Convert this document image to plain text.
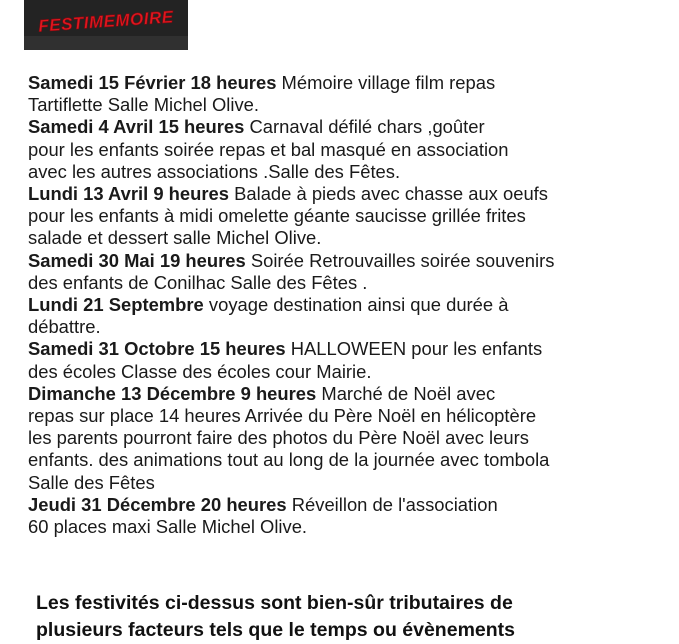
FESTIMEMOIRE
Samedi 15 Février 18 heures Mémoire village film repas
Tartiflette Salle Michel Olive.
Samedi 4 Avril 15 heures Carnaval défilé chars ,goûter
pour les enfants soirée repas et bal masqué en association
avec les autres associations .Salle des Fêtes.
Lundi 13 Avril 9 heures Balade à pieds avec chasse aux oeufs
pour les enfants à midi omelette géante saucisse grillée frites
salade et dessert salle Michel Olive.
Samedi 30 Mai 19 heures Soirée Retrouvailles soirée souvenirs
des enfants de Conilhac Salle des Fêtes .
Lundi 21 Septembre voyage destination ainsi que durée à
débattre.
Samedi 31 Octobre 15 heures HALLOWEEN pour les enfants
des écoles Classe des écoles cour Mairie.
Dimanche 13 Décembre 9 heures Marché de Noël avec
repas sur place 14 heures Arrivée du Père Noël en hélicoptère
les parents pourront faire des photos du Père Noël avec leurs
enfants. des animations tout au long de la journée avec tombola
Salle des Fêtes
Jeudi 31 Décembre 20 heures Réveillon de l'association
60 places maxi Salle Michel Olive.
Les festivités ci-dessus sont bien-sûr tributaires de
plusieurs facteurs tels que le temps ou évènements
